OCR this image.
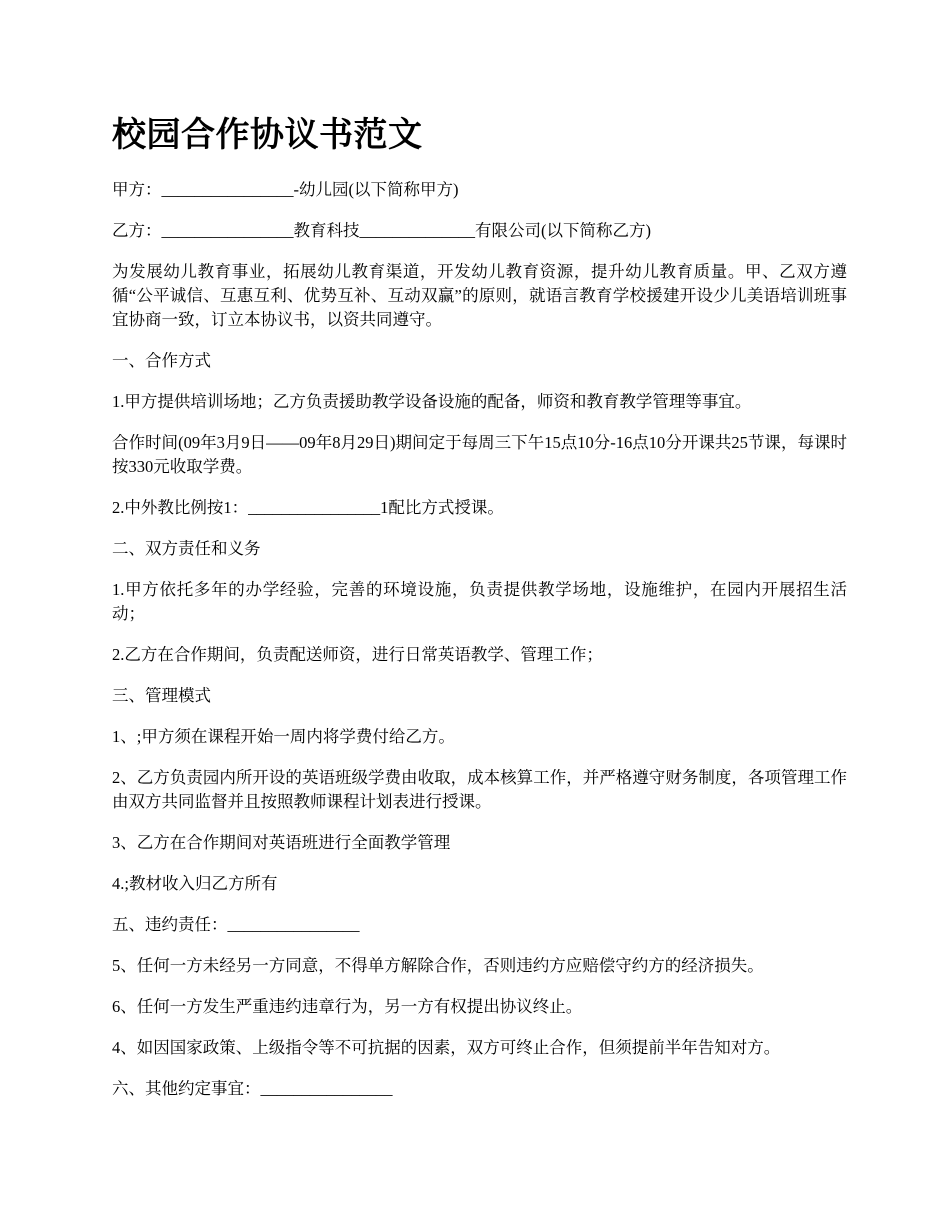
校园合作协议书范文

甲方：________________-幼儿园(以下简称甲方)

乙方：________________教育科技______________有限公司(以下简称乙方)

为发展幼儿教育事业，拓展幼儿教育渠道，开发幼儿教育资源，提升幼儿教育质量。甲、乙双方遵循“公平诚信、互惠互利、优势互补、互动双赢”的原则，就语言教育学校援建开设少儿美语培训班事宜协商一致，订立本协议书，以资共同遵守。

一、合作方式

1.甲方提供培训场地；乙方负责援助教学设备设施的配备，师资和教育教学管理等事宜。

合作时间(09年3月9日——09年8月29日)期间定于每周三下午15点10分-16点10分开课共25节课，每课时按330元收取学费。

2.中外教比例按1：________________1配比方式授课。

二、双方责任和义务

1.甲方依托多年的办学经验，完善的环境设施，负责提供教学场地，设施维护，在园内开展招生活动；

2.乙方在合作期间，负责配送师资，进行日常英语教学、管理工作；

三、管理模式

1、;甲方须在课程开始一周内将学费付给乙方。

2、乙方负责园内所开设的英语班级学费由收取，成本核算工作，并严格遵守财务制度，各项管理工作由双方共同监督并且按照教师课程计划表进行授课。

3、乙方在合作期间对英语班进行全面教学管理

4.;教材收入归乙方所有

五、违约责任：________________

5、任何一方未经另一方同意，不得单方解除合作，否则违约方应赔偿守约方的经济损失。

6、任何一方发生严重违约违章行为，另一方有权提出协议终止。

4、如因国家政策、上级指令等不可抗据的因素，双方可终止合作，但须提前半年告知对方。

六、其他约定事宜：________________
